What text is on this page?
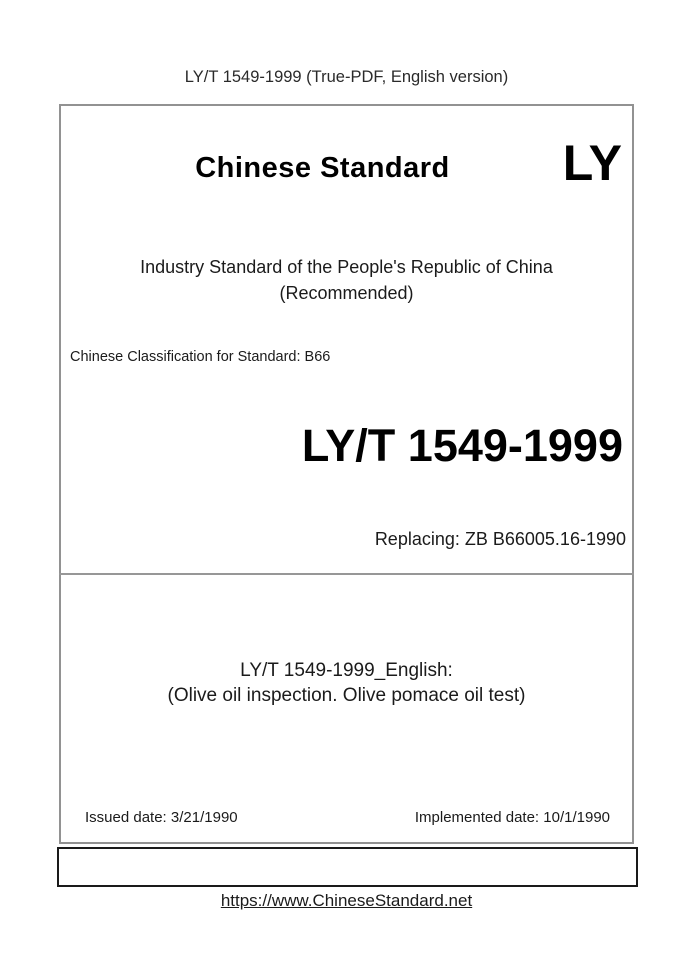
LY/T 1549-1999 (True-PDF, English version)
Chinese Standard	LY
Industry Standard of the People's Republic of China
(Recommended)
Chinese Classification for Standard: B66
LY/T 1549-1999
Replacing: ZB B66005.16-1990
LY/T 1549-1999_English:
(Olive oil inspection. Olive pomace oil test)
Issued date: 3/21/1990	Implemented date: 10/1/1990
https://www.ChineseStandard.net
